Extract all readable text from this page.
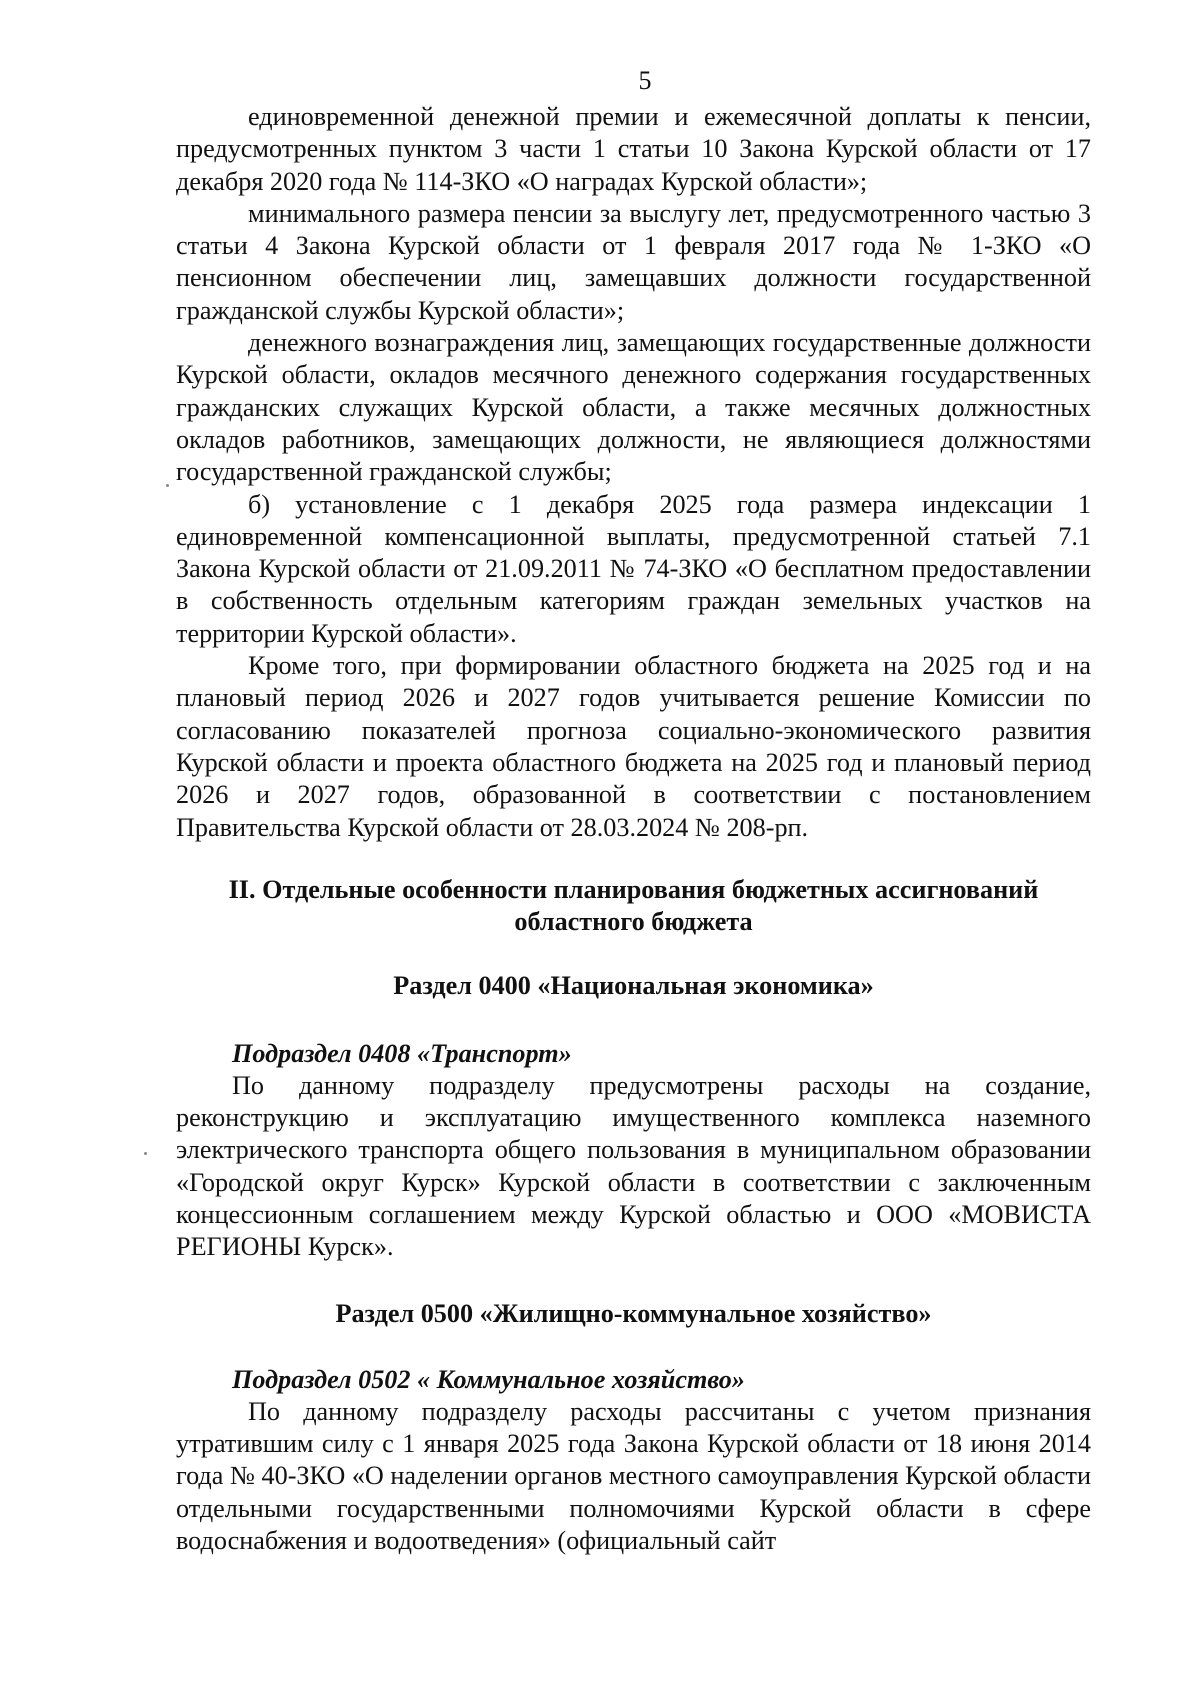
5

единовременной денежной премии и ежемесячной доплаты к пенсии, предусмотренных пунктом 3 части 1 статьи 10 Закона Курской области от 17 декабря 2020 года № 114-ЗКО «О наградах Курской области»;

минимального размера пенсии за выслугу лет, предусмотренного частью 3 статьи 4 Закона Курской области от 1 февраля 2017 года № 1-ЗКО «О пенсионном обеспечении лиц, замещавших должности государственной гражданской службы Курской области»;

денежного вознаграждения лиц, замещающих государственные должности Курской области, окладов месячного денежного содержания государственных гражданских служащих Курской области, а также месячных должностных окладов работников, замещающих должности, не являющиеся должностями государственной гражданской службы;

б) установление с 1 декабря 2025 года размера индексации 1 единовременной компенсационной выплаты, предусмотренной статьей 7.1 Закона Курской области от 21.09.2011 № 74-ЗКО «О бесплатном предоставлении в собственность отдельным категориям граждан земельных участков на территории Курской области».

Кроме того, при формировании областного бюджета на 2025 год и на плановый период 2026 и 2027 годов учитывается решение Комиссии по согласованию показателей прогноза социально-экономического развития Курской области и проекта областного бюджета на 2025 год и плановый период 2026 и 2027 годов, образованной в соответствии с постановлением Правительства Курской области от 28.03.2024 № 208-рп.

II. Отдельные особенности планирования бюджетных ассигнований
областного бюджета
Раздел 0400 «Национальная экономика»
Подраздел 0408 «Транспорт»

По данному подразделу предусмотрены расходы на создание, реконструкцию и эксплуатацию имущественного комплекса наземного электрического транспорта общего пользования в муниципальном образовании «Городской округ Курск» Курской области в соответствии с заключенным концессионным соглашением между Курской областью и ООО «МОВИСТА РЕГИОНЫ Курск».

Раздел 0500 «Жилищно-коммунальное хозяйство»
Подраздел 0502 « Коммунальное хозяйство»

По данному подразделу расходы рассчитаны с учетом признания утратившим силу с 1 января 2025 года Закона Курской области от 18 июня 2014 года № 40-ЗКО «О наделении органов местного самоуправления Курской области отдельными государственными полномочиями Курской области в сфере водоснабжения и водоотведения» (официальный сайт
